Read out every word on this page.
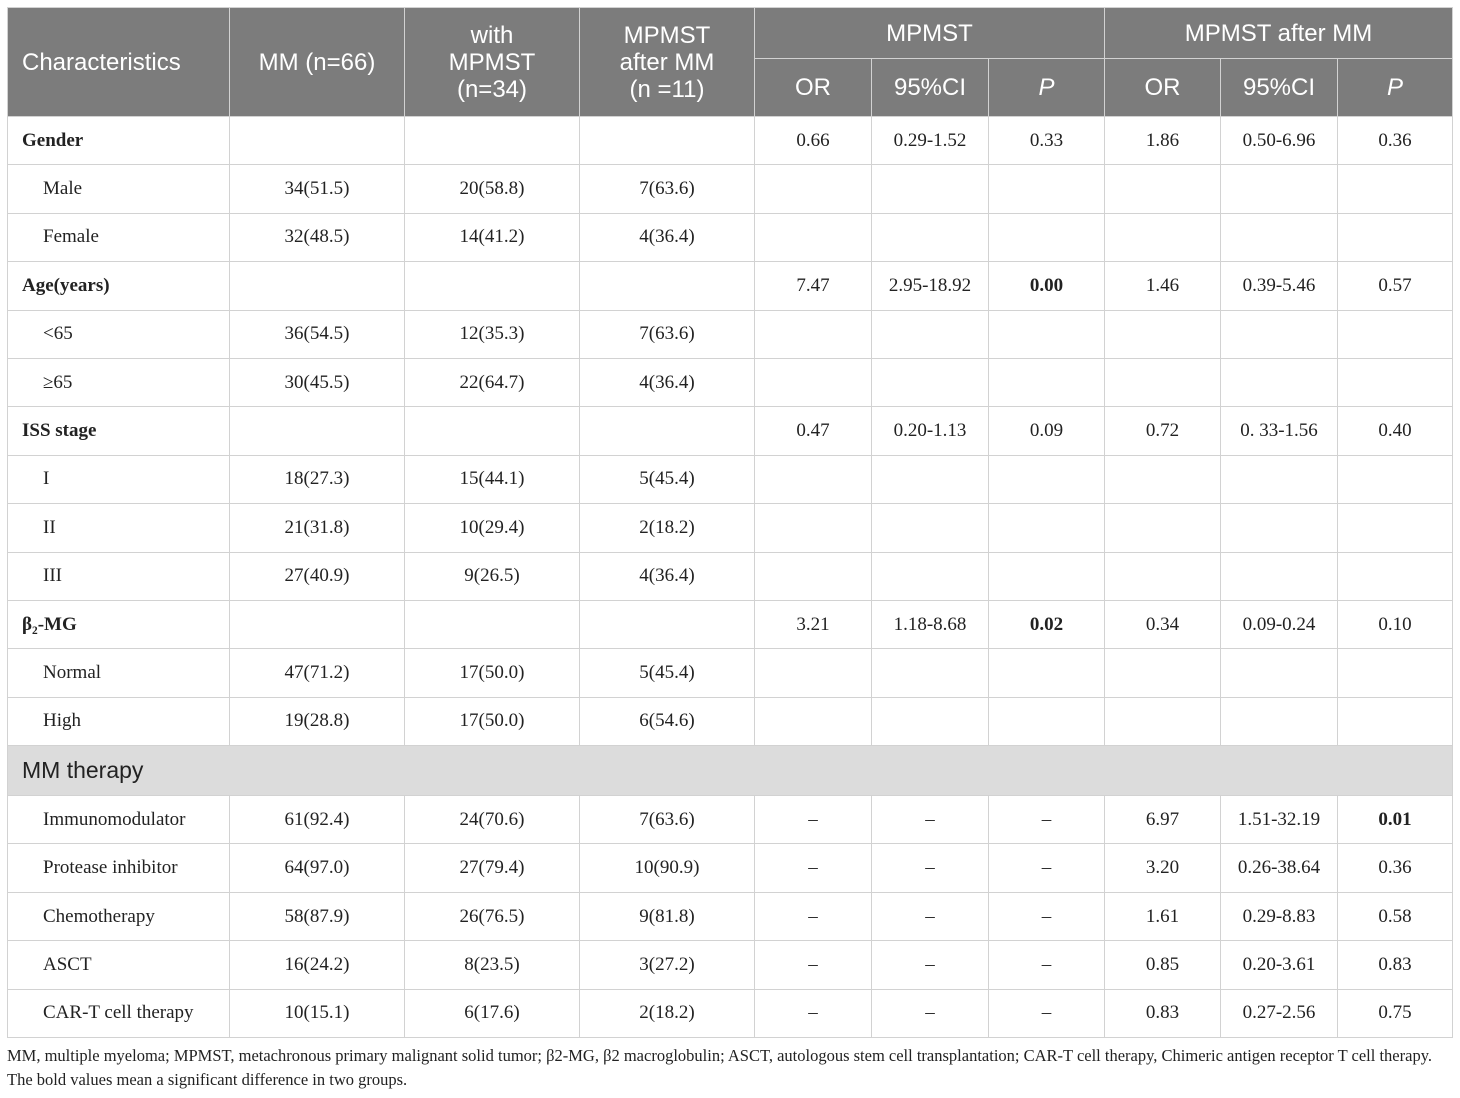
Characteristics	MM (n=66)	with
MPMST
(n=34)	MPMST
after MM
(n =11)	MPMST			MPMST after MM		
				OR	95%CI	P	OR	95%CI	P
Gender				0.66	0.29-1.52	0.33	1.86	0.50-6.96	0.36
Male	34(51.5)	20(58.8)	7(63.6)						
Female	32(48.5)	14(41.2)	4(36.4)						
Age(years)				7.47	2.95-18.92	0.00	1.46	0.39-5.46	0.57
<65	36(54.5)	12(35.3)	7(63.6)						
≥65	30(45.5)	22(64.7)	4(36.4)						
ISS stage				0.47	0.20-1.13	0.09	0.72	0. 33-1.56	0.40
I	18(27.3)	15(44.1)	5(45.4)						
II	21(31.8)	10(29.4)	2(18.2)						
III	27(40.9)	9(26.5)	4(36.4)						
β₂-MG				3.21	1.18-8.68	0.02	0.34	0.09-0.24	0.10
Normal	47(71.2)	17(50.0)	5(45.4)						
High	19(28.8)	17(50.0)	6(54.6)						
MM therapy									
Immunomodulator	61(92.4)	24(70.6)	7(63.6)	–	–	–	6.97	1.51-32.19	0.01
Protease inhibitor	64(97.0)	27(79.4)	10(90.9)	–	–	–	3.20	0.26-38.64	0.36
Chemotherapy	58(87.9)	26(76.5)	9(81.8)	–	–	–	1.61	0.29-8.83	0.58
ASCT	16(24.2)	8(23.5)	3(27.2)	–	–	–	0.85	0.20-3.61	0.83
CAR-T cell therapy	10(15.1)	6(17.6)	2(18.2)	–	–	–	0.83	0.27-2.56	0.75
MM, multiple myeloma; MPMST, metachronous primary malignant solid tumor; β2-MG, β2 macroglobulin; ASCT, autologous stem cell transplantation; CAR-T cell therapy, Chimeric antigen receptor T cell therapy. The bold values mean a significant difference in two groups.
